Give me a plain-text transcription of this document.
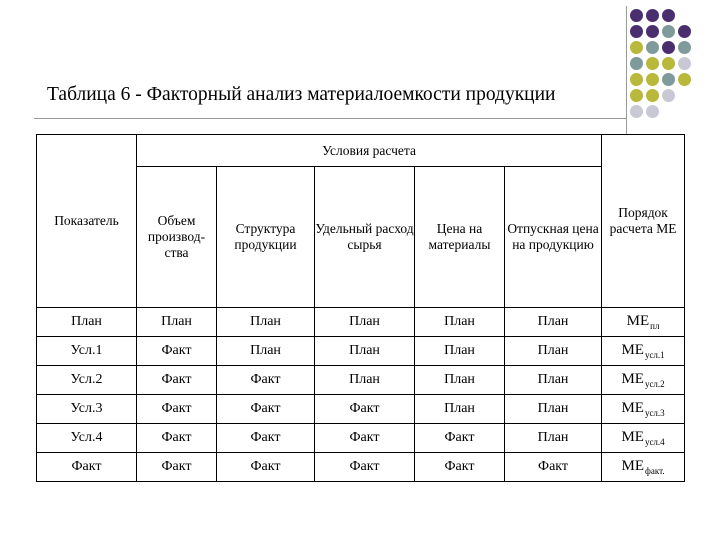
Таблица 6 - Факторный анализ материалоемкости продукции
Показатель	Условия расчета					Порядок расчета МЕ
	Объем производ-ства	Структура продукции	Удельный расход сырья	Цена на материалы	Отпускная цена на продукцию	
План	План	План	План	План	План	$МЕ_{пл}$
Усл.1	Факт	План	План	План	План	$МЕ_{усл.1}$
Усл.2	Факт	Факт	План	План	План	$МЕ_{усл.2}$
Усл.3	Факт	Факт	Факт	План	План	$МЕ_{усл.3}$
Усл.4	Факт	Факт	Факт	Факт	План	$МЕ_{усл.4}$
Факт	Факт	Факт	Факт	Факт	Факт	$МЕ_{факт.}$
